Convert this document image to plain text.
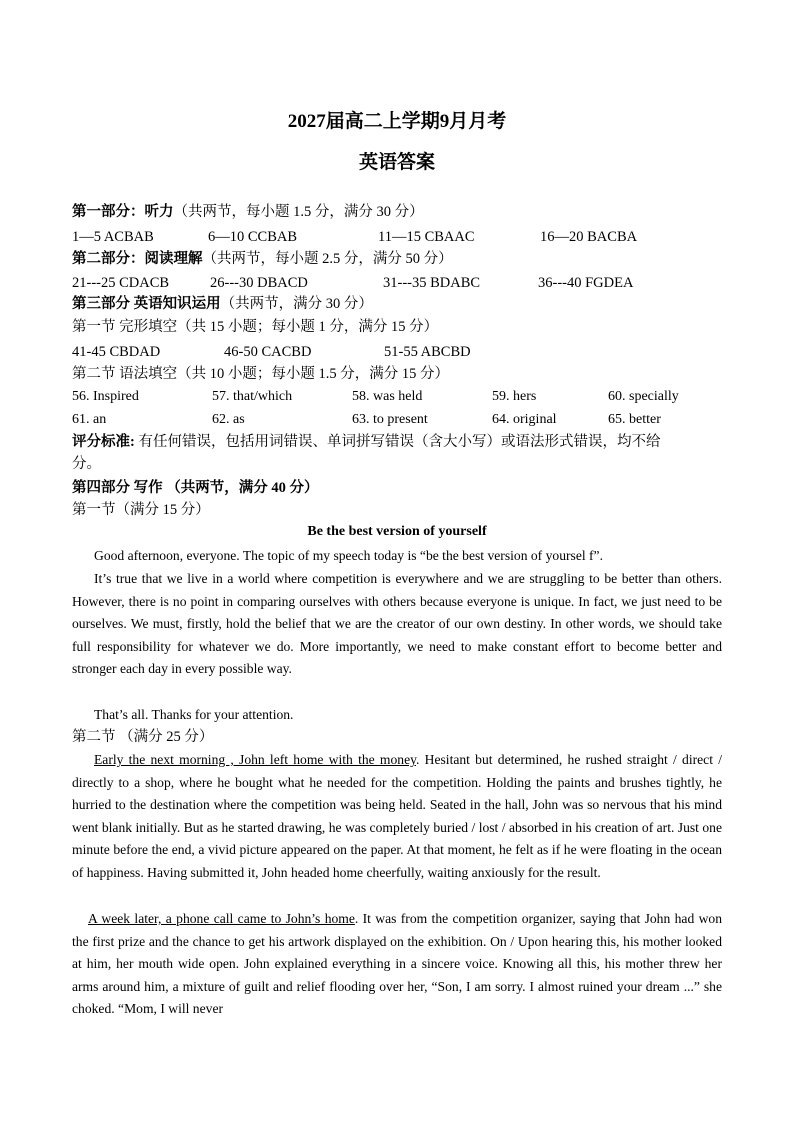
2027届高二上学期9月月考
英语答案
第一部分：听力（共两节，每小题 1.5 分，满分 30 分）
1—5 ACBAB	6—10 CCBAB	11—15 CBAAC	16—20 BACBA
第二部分：阅读理解（共两节，每小题 2.5 分，满分 50 分）
21---25 CDACB	26---30 DBACD	31---35 BDABC	36---40 FGDEA
第三部分 英语知识运用（共两节，满分 30 分）
第一节 完形填空（共 15 小题；每小题 1 分，满分 15 分）
41-45 CBDAD	46-50 CACBD	51-55 ABCBD
第二节 语法填空（共 10 小题；每小题 1.5 分，满分 15 分）
56. Inspired	57. that/which	58. was held	59. hers	60. specially
61. an	62. as	63. to present	64. original	65. better
评分标准: 有任何错误，包括用词错误、单词拼写错误（含大小写）或语法形式错误，均不给
分。
第四部分 写作 （共两节，满分 40 分）
第一节（满分 15 分）
Be the best version of yourself
Good afternoon, everyone. The topic of my speech today is “be the best version of yoursel f”.
It’s true that we live in a world where competition is everywhere and we are struggling to be better than others. However, there is no point in comparing ourselves with others because everyone is unique. In fact, we just need to be ourselves. We must, firstly, hold the belief that we are the creator of our own destiny. In other words, we should take full responsibility for whatever we do. More importantly, we need to make constant effort to become better and stronger each day in every possible way.
That’s all. Thanks for your attention.
第二节 （满分 25 分）
Early the next morning , John left home with the money. Hesitant but determined, he rushed straight / direct / directly to a shop, where he bought what he needed for the competition. Holding the paints and brushes tightly, he hurried to the destination where the competition was being held. Seated in the hall, John was so nervous that his mind went blank initially. But as he started drawing, he was completely buried / lost / absorbed in his creation of art. Just one minute before the end, a vivid picture appeared on the paper. At that moment, he felt as if he were floating in the ocean of happiness. Having submitted it, John headed home cheerfully, waiting anxiously for the result.
A week later, a phone call came to John’s home. It was from the competition organizer, saying that John had won the first prize and the chance to get his artwork displayed on the exhibition. On / Upon hearing this, his mother looked at him, her mouth wide open. John explained everything in a sincere voice. Knowing all this, his mother threw her arms around him, a mixture of guilt and relief flooding over her, “Son, I am sorry. I almost ruined your dream ...” she choked. “Mom, I will never
